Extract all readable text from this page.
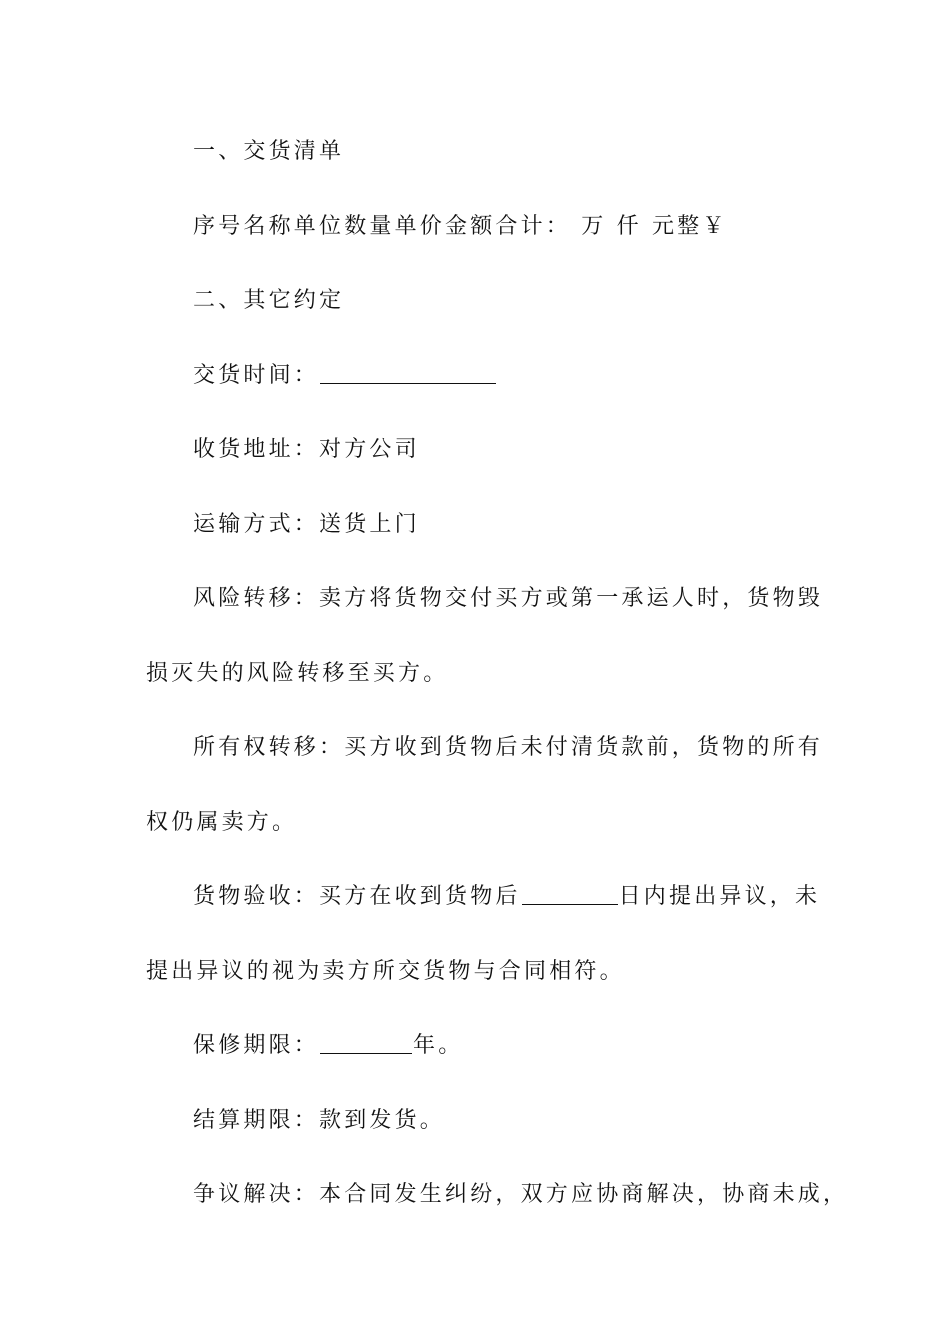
一、交货清单
序号名称单位数量单价金额合计： 万 仟 元整￥
二、其它约定
交货时间：
收货地址：对方公司
运输方式：送货上门
风险转移：卖方将货物交付买方或第一承运人时，货物毁
损灭失的风险转移至买方。
所有权转移：买方收到货物后未付清货款前，货物的所有
权仍属卖方。
货物验收：买方在收到货物后	日内提出异议，未
提出异议的视为卖方所交货物与合同相符。
保修期限：	年。
结算期限：款到发货。
争议解决：本合同发生纠纷，双方应协商解决，协商未成，
